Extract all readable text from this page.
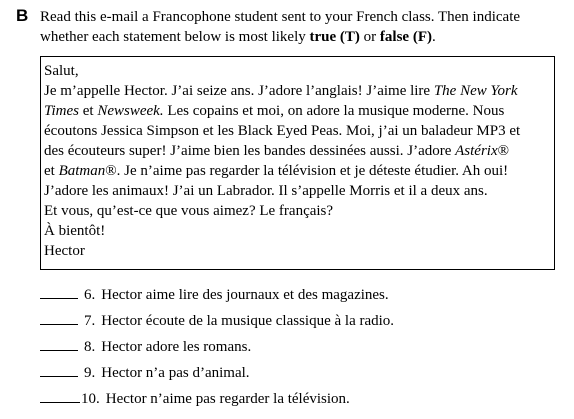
B Read this e-mail a Francophone student sent to your French class. Then indicate whether each statement below is most likely true (T) or false (F).
Salut,
Je m’appelle Hector. J’ai seize ans. J’adore l’anglais! J’aime lire The New York
Times et Newsweek. Les copains et moi, on adore la musique moderne. Nous
écoutons Jessica Simpson et les Black Eyed Peas. Moi, j’ai un baladeur MP3 et
des écouteurs super! J’aime bien les bandes dessinées aussi. J’adore Astérix®
et Batman®. Je n’aime pas regarder la télévision et je déteste étudier. Ah oui!
J’adore les animaux! J’ai un Labrador. Il s’appelle Morris et il a deux ans.
Et vous, qu’est-ce que vous aimez? Le français?
À bientôt!
Hector
6. Hector aime lire des journaux et des magazines.
7. Hector écoute de la musique classique à la radio.
8. Hector adore les romans.
9. Hector n’a pas d’animal.
10. Hector n’aime pas regarder la télévision.
